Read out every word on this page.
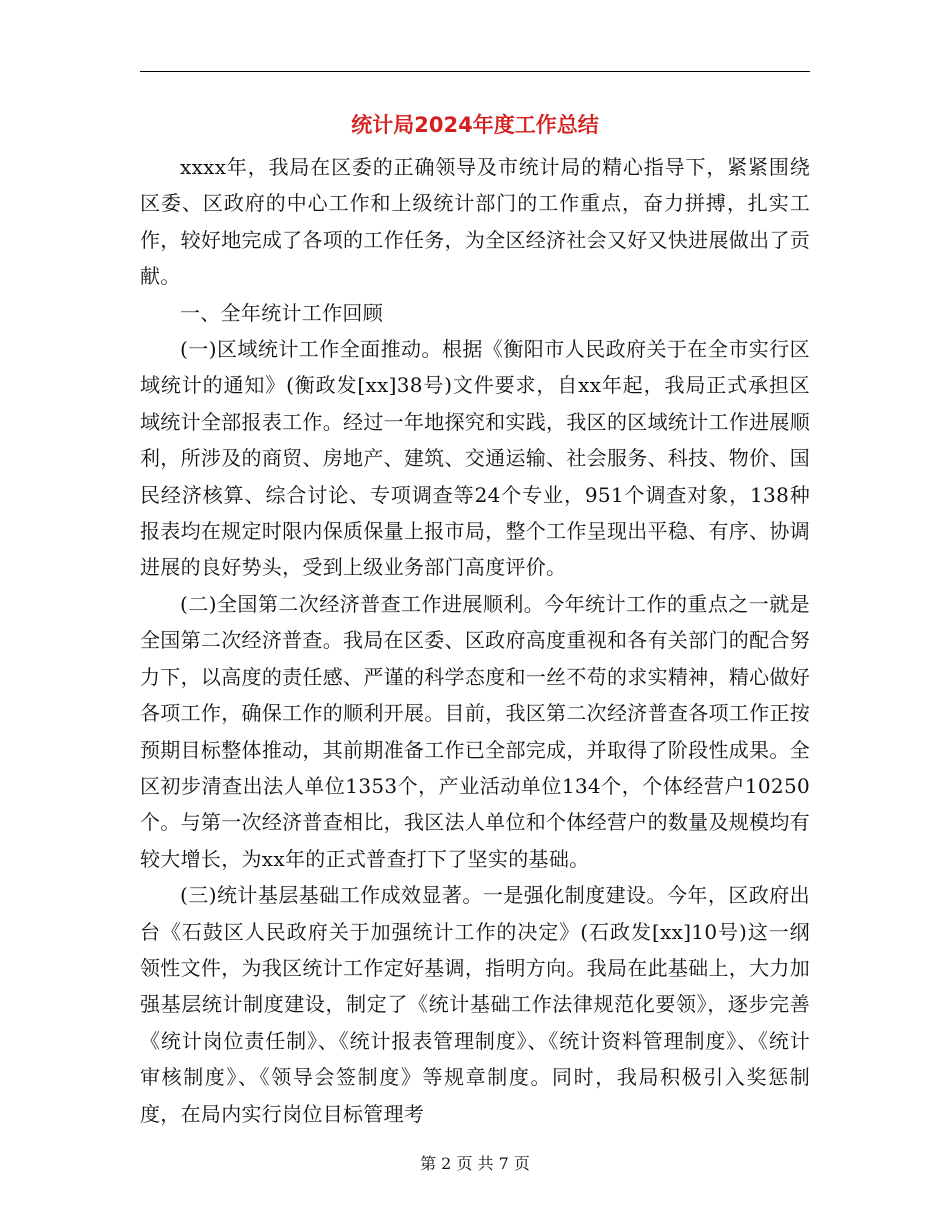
统计局2024年度工作总结

xxxx年，我局在区委的正确领导及市统计局的精心指导下，紧紧围绕区委、区政府的中心工作和上级统计部门的工作重点，奋力拼搏，扎实工作，较好地完成了各项的工作任务，为全区经济社会又好又快进展做出了贡献。

一、全年统计工作回顾

(一)区域统计工作全面推动。根据《衡阳市人民政府关于在全市实行区域统计的通知》(衡政发[xx]38号)文件要求，自xx年起，我局正式承担区域统计全部报表工作。经过一年地探究和实践，我区的区域统计工作进展顺利，所涉及的商贸、房地产、建筑、交通运输、社会服务、科技、物价、国民经济核算、综合讨论、专项调查等24个专业，951个调查对象，138种报表均在规定时限内保质保量上报市局，整个工作呈现出平稳、有序、协调进展的良好势头，受到上级业务部门高度评价。

(二)全国第二次经济普查工作进展顺利。今年统计工作的重点之一就是全国第二次经济普查。我局在区委、区政府高度重视和各有关部门的配合努力下，以高度的责任感、严谨的科学态度和一丝不苟的求实精神，精心做好各项工作，确保工作的顺利开展。目前，我区第二次经济普查各项工作正按预期目标整体推动，其前期准备工作已全部完成，并取得了阶段性成果。全区初步清查出法人单位1353个，产业活动单位134个，个体经营户10250个。与第一次经济普查相比，我区法人单位和个体经营户的数量及规模均有较大增长，为xx年的正式普查打下了坚实的基础。

(三)统计基层基础工作成效显著。一是强化制度建设。今年，区政府出台《石鼓区人民政府关于加强统计工作的决定》(石政发[xx]10号)这一纲领性文件，为我区统计工作定好基调，指明方向。我局在此基础上，大力加强基层统计制度建设，制定了《统计基础工作法律规范化要领》，逐步完善《统计岗位责任制》、《统计报表管理制度》、《统计资料管理制度》、《统计审核制度》、《领导会签制度》等规章制度。同时，我局积极引入奖惩制度，在局内实行岗位目标管理考

第 2 页 共 7 页
